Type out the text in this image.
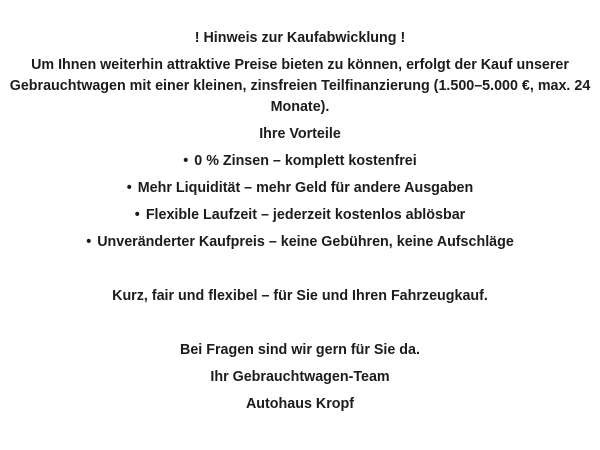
! Hinweis zur Kaufabwicklung !

Um Ihnen weiterhin attraktive Preise bieten zu können, erfolgt der Kauf unserer Gebrauchtwagen mit einer kleinen, zinsfreien Teilfinanzierung (1.500–5.000 €, max. 24 Monate).

Ihre Vorteile

• 0 % Zinsen – komplett kostenfrei

• Mehr Liquidität – mehr Geld für andere Ausgaben

• Flexible Laufzeit – jederzeit kostenlos ablösbar

• Unveränderter Kaufpreis – keine Gebühren, keine Aufschläge

Kurz, fair und flexibel – für Sie und Ihren Fahrzeugkauf.

Bei Fragen sind wir gern für Sie da.

Ihr Gebrauchtwagen-Team

Autohaus Kropf
